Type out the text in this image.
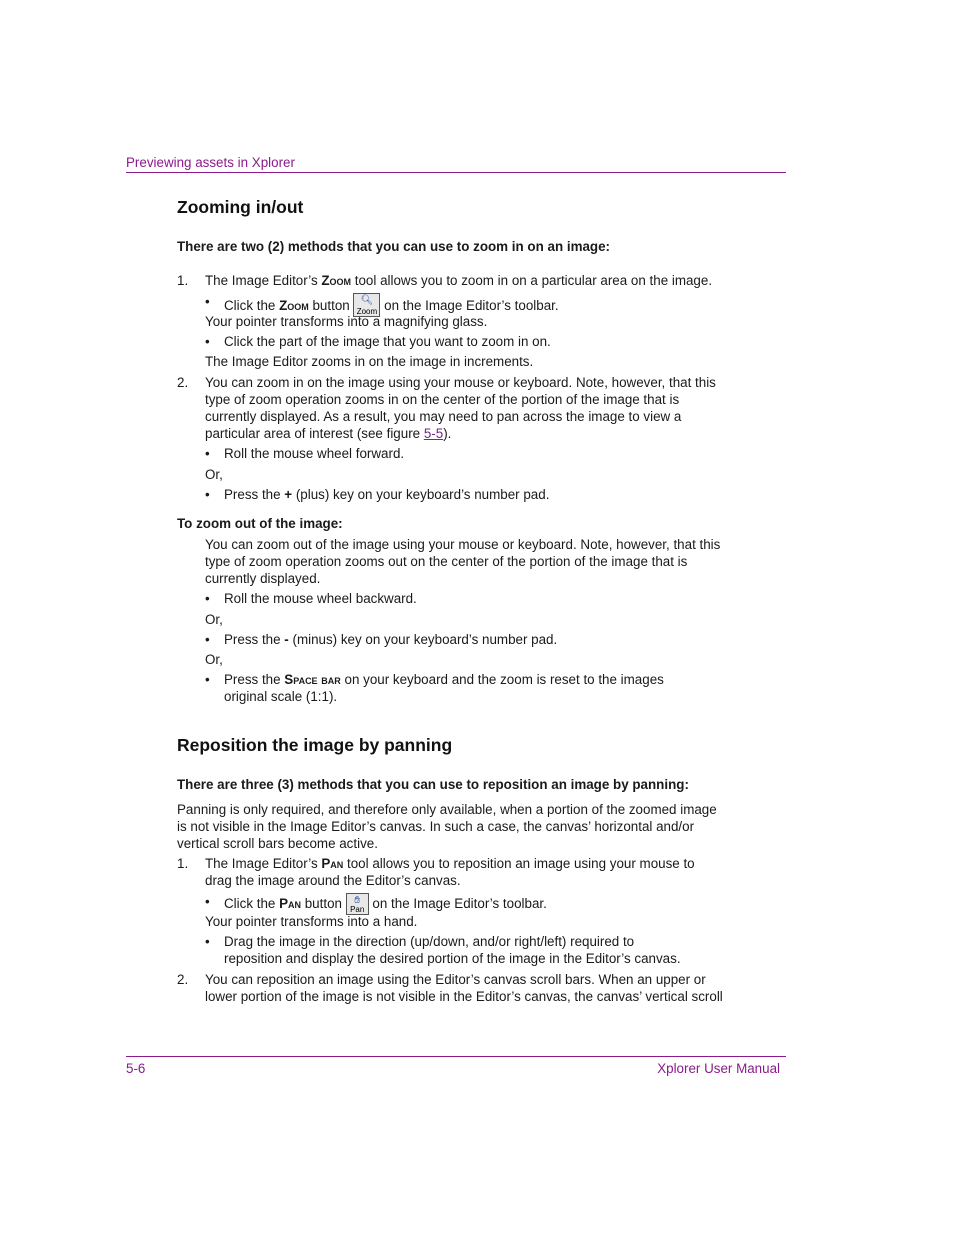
Previewing assets in Xplorer
Zooming in/out
There are two (2) methods that you can use to zoom in on an image:
1. The Image Editor’s Zoom tool allows you to zoom in on a particular area on the image.
• Click the Zoom button 🔍︎
Zoom on the Image Editor’s toolbar.
Your pointer transforms into a magnifying glass.
• Click the part of the image that you want to zoom in on.
The Image Editor zooms in on the image in increments.
2. You can zoom in on the image using your mouse or keyboard. Note, however, that this
type of zoom operation zooms in on the center of the portion of the image that is
currently displayed. As a result, you may need to pan across the image to view a
particular area of interest (see figure 5-5).
• Roll the mouse wheel forward.
Or,
• Press the + (plus) key on your keyboard’s number pad.
To zoom out of the image:
You can zoom out of the image using your mouse or keyboard. Note, however, that this
type of zoom operation zooms out on the center of the portion of the image that is
currently displayed.
• Roll the mouse wheel backward.
Or,
• Press the - (minus) key on your keyboard’s number pad.
Or,
• Press the Space bar on your keyboard and the zoom is reset to the images
original scale (1:1).
Reposition the image by panning
There are three (3) methods that you can use to reposition an image by panning:
Panning is only required, and therefore only available, when a portion of the zoomed image
is not visible in the Image Editor’s canvas. In such a case, the canvas’ horizontal and/or
vertical scroll bars become active.
1. The Image Editor’s Pan tool allows you to reposition an image using your mouse to
drag the image around the Editor’s canvas.
• Click the Pan button ✋︎
Pan on the Image Editor’s toolbar.
Your pointer transforms into a hand.
• Drag the image in the direction (up/down, and/or right/left) required to
reposition and display the desired portion of the image in the Editor’s canvas.
2. You can reposition an image using the Editor’s canvas scroll bars. When an upper or
lower portion of the image is not visible in the Editor’s canvas, the canvas’ vertical scroll
5-6	Xplorer User Manual
